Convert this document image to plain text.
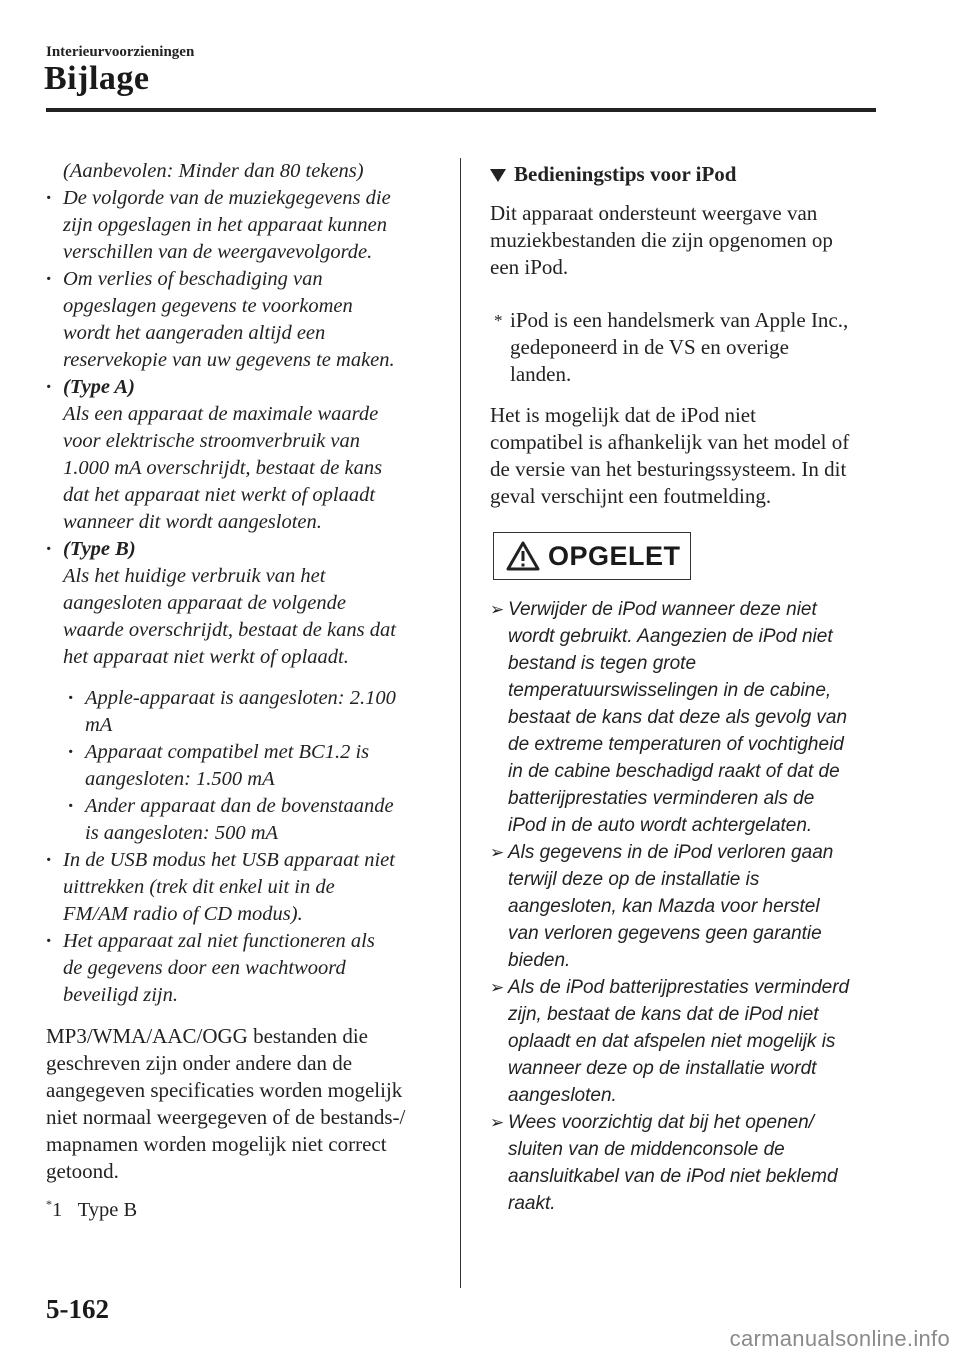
Interieurvoorzieningen
Bijlage
(Aanbevolen: Minder dan 80 tekens)
·
De volgorde van de muziekgegevens die
zijn opgeslagen in het apparaat kunnen
verschillen van de weergavevolgorde.
·
Om verlies of beschadiging van
opgeslagen gegevens te voorkomen
wordt het aangeraden altijd een
reservekopie van uw gegevens te maken.
·
(Type A)
Als een apparaat de maximale waarde
voor elektrische stroomverbruik van
1.000 mA overschrijdt, bestaat de kans
dat het apparaat niet werkt of oplaadt
wanneer dit wordt aangesloten.
·
(Type B)
Als het huidige verbruik van het
aangesloten apparaat de volgende
waarde overschrijdt, bestaat de kans dat
het apparaat niet werkt of oplaadt.
·
Apple-apparaat is aangesloten: 2.100
mA
·
Apparaat compatibel met BC1.2 is
aangesloten: 1.500 mA
·
Ander apparaat dan de bovenstaande
is aangesloten: 500 mA
·
In de USB modus het USB apparaat niet
uittrekken (trek dit enkel uit in de
FM/AM radio of CD modus).
·
Het apparaat zal niet functioneren als
de gegevens door een wachtwoord
beveiligd zijn.
MP3/WMA/AAC/OGG bestanden die
geschreven zijn onder andere dan de
aangegeven specificaties worden mogelijk
niet normaal weergegeven of de bestands-/
mapnamen worden mogelijk niet correct
getoond.
*1 Type B
Bedieningstips voor iPod
Dit apparaat ondersteunt weergave van
muziekbestanden die zijn opgenomen op
een iPod.
* iPod is een handelsmerk van Apple Inc.,
gedeponeerd in de VS en overige
landen.
Het is mogelijk dat de iPod niet
compatibel is afhankelijk van het model of
de versie van het besturingssysteem. In dit
geval verschijnt een foutmelding.
OPGELET
➢ Verwijder de iPod wanneer deze niet
wordt gebruikt. Aangezien de iPod niet
bestand is tegen grote
temperatuurswisselingen in de cabine,
bestaat de kans dat deze als gevolg van
de extreme temperaturen of vochtigheid
in de cabine beschadigd raakt of dat de
batterijprestaties verminderen als de
iPod in de auto wordt achtergelaten.
➢ Als gegevens in de iPod verloren gaan
terwijl deze op de installatie is
aangesloten, kan Mazda voor herstel
van verloren gegevens geen garantie
bieden.
➢ Als de iPod batterijprestaties verminderd
zijn, bestaat de kans dat de iPod niet
oplaadt en dat afspelen niet mogelijk is
wanneer deze op de installatie wordt
aangesloten.
➢ Wees voorzichtig dat bij het openen/
sluiten van de middenconsole de
aansluitkabel van de iPod niet beklemd
raakt.
5-162
carmanualsonline.info
